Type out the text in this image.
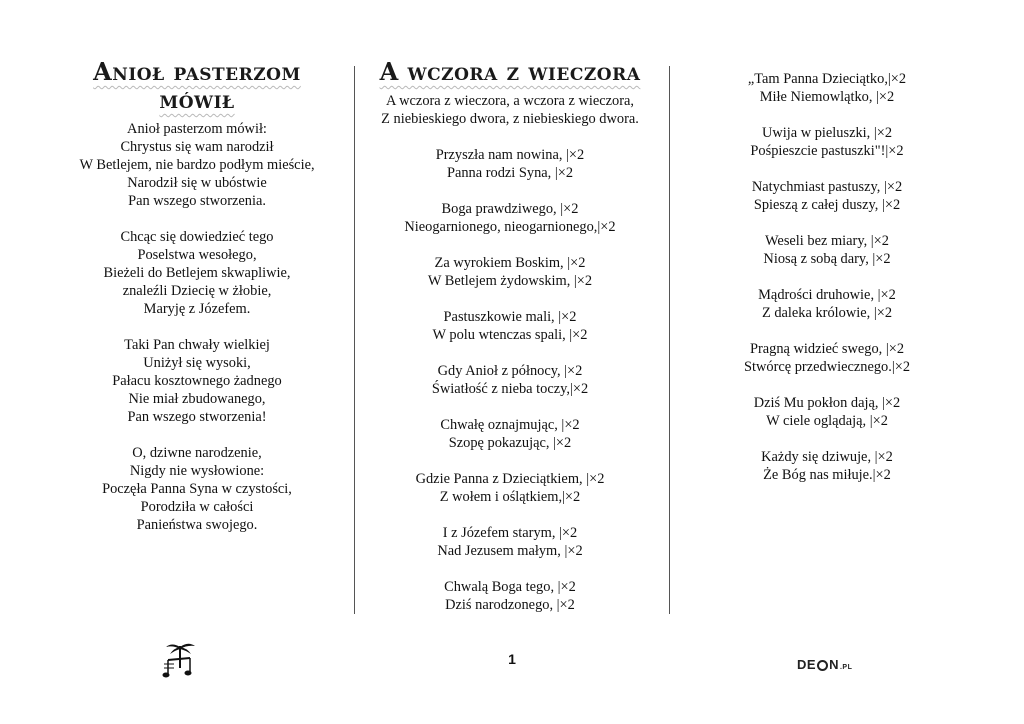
Anioł pasterzom
mówił
Anioł pasterzom mówił:
Chrystus się wam narodził
W Betlejem, nie bardzo podłym mieście,
Narodził się w ubóstwie
Pan wszego stworzenia.
Chcąc się dowiedzieć tego
Poselstwa wesołego,
Bieżeli do Betlejem skwapliwie,
znaleźli Dziecię w żłobie,
Maryję z Józefem.
Taki Pan chwały wielkiej
Uniżył się wysoki,
Pałacu kosztownego żadnego
Nie miał zbudowanego,
Pan wszego stworzenia!
O, dziwne narodzenie,
Nigdy nie wysłowione:
Poczęła Panna Syna w czystości,
Porodziła w całości
Panieństwa swojego.
A wczora z wieczora
A wczora z wieczora, a wczora z wieczora,
Z niebieskiego dwora, z niebieskiego dwora.
Przyszła nam nowina, |×2
Panna rodzi Syna, |×2
Boga prawdziwego, |×2
Nieogarnionego, nieogarnionego,|×2
Za wyrokiem Boskim, |×2
W Betlejem żydowskim, |×2
Pastuszkowie mali, |×2
W polu wtenczas spali, |×2
Gdy Anioł z północy, |×2
Światłość z nieba toczy,|×2
Chwałę oznajmując, |×2
Szopę pokazując, |×2
Gdzie Panna z Dzieciątkiem, |×2
Z wołem i oślątkiem,|×2
I z Józefem starym, |×2
Nad Jezusem małym, |×2
Chwalą Boga tego, |×2
Dziś narodzonego, |×2
„Tam Panna Dzieciątko,|×2
Miłe Niemowlątko, |×2
Uwija w pieluszki, |×2
Pośpieszcie pastuszki"!|×2
Natychmiast pastuszy, |×2
Spieszą z całej duszy, |×2
Weseli bez miary, |×2
Niosą z sobą dary, |×2
Mądrości druhowie, |×2
Z daleka królowie, |×2
Pragną widzieć swego, |×2
Stwórcę przedwiecznego.|×2
Dziś Mu pokłon dają, |×2
W ciele oglądają, |×2
Każdy się dziwuje, |×2
Że Bóg nas miłuje.|×2
1	DE N .PL
